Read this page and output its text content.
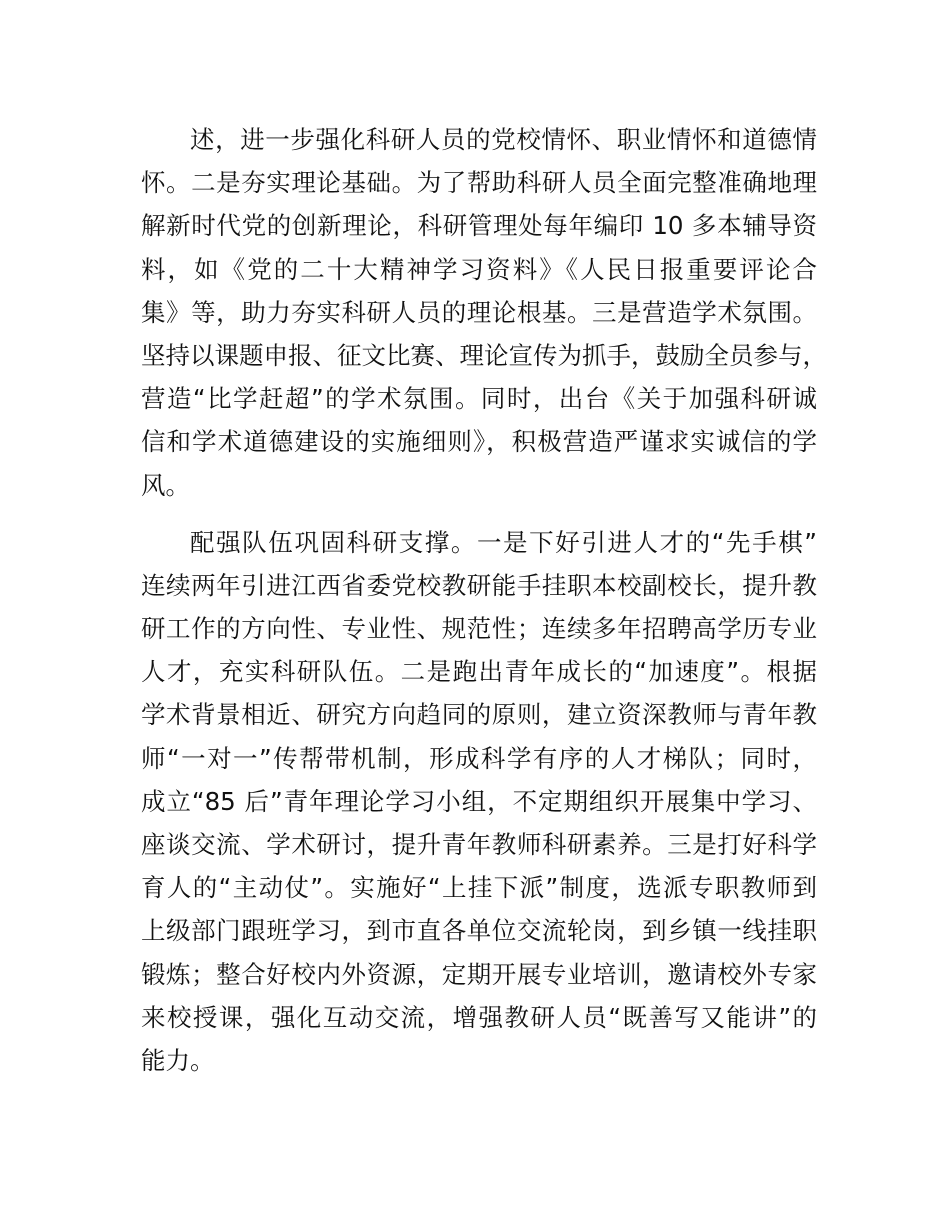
述，进一步强化科研人员的党校情怀、职业情怀和道德情
怀。二是夯实理论基础。为了帮助科研人员全面完整准确地理
解新时代党的创新理论，科研管理处每年编印 10 多本辅导资
料，如《党的二十大精神学习资料》《人民日报重要评论合
集》等，助力夯实科研人员的理论根基。三是营造学术氛围。
坚持以课题申报、征文比赛、理论宣传为抓手，鼓励全员参与，
营造“比学赶超”的学术氛围。同时，出台《关于加强科研诚
信和学术道德建设的实施细则》，积极营造严谨求实诚信的学
风。
配强队伍巩固科研支撑。一是下好引进人才的“先手棋”
连续两年引进江西省委党校教研能手挂职本校副校长，提升教
研工作的方向性、专业性、规范性；连续多年招聘高学历专业
人才，充实科研队伍。二是跑出青年成长的“加速度”。根据
学术背景相近、研究方向趋同的原则，建立资深教师与青年教
师“一对一”传帮带机制，形成科学有序的人才梯队；同时，
成立“85 后”青年理论学习小组，不定期组织开展集中学习、
座谈交流、学术研讨，提升青年教师科研素养。三是打好科学
育人的“主动仗”。实施好“上挂下派”制度，选派专职教师到
上级部门跟班学习，到市直各单位交流轮岗，到乡镇一线挂职
锻炼；整合好校内外资源，定期开展专业培训，邀请校外专家
来校授课，强化互动交流，增强教研人员“既善写又能讲”的
能力。
